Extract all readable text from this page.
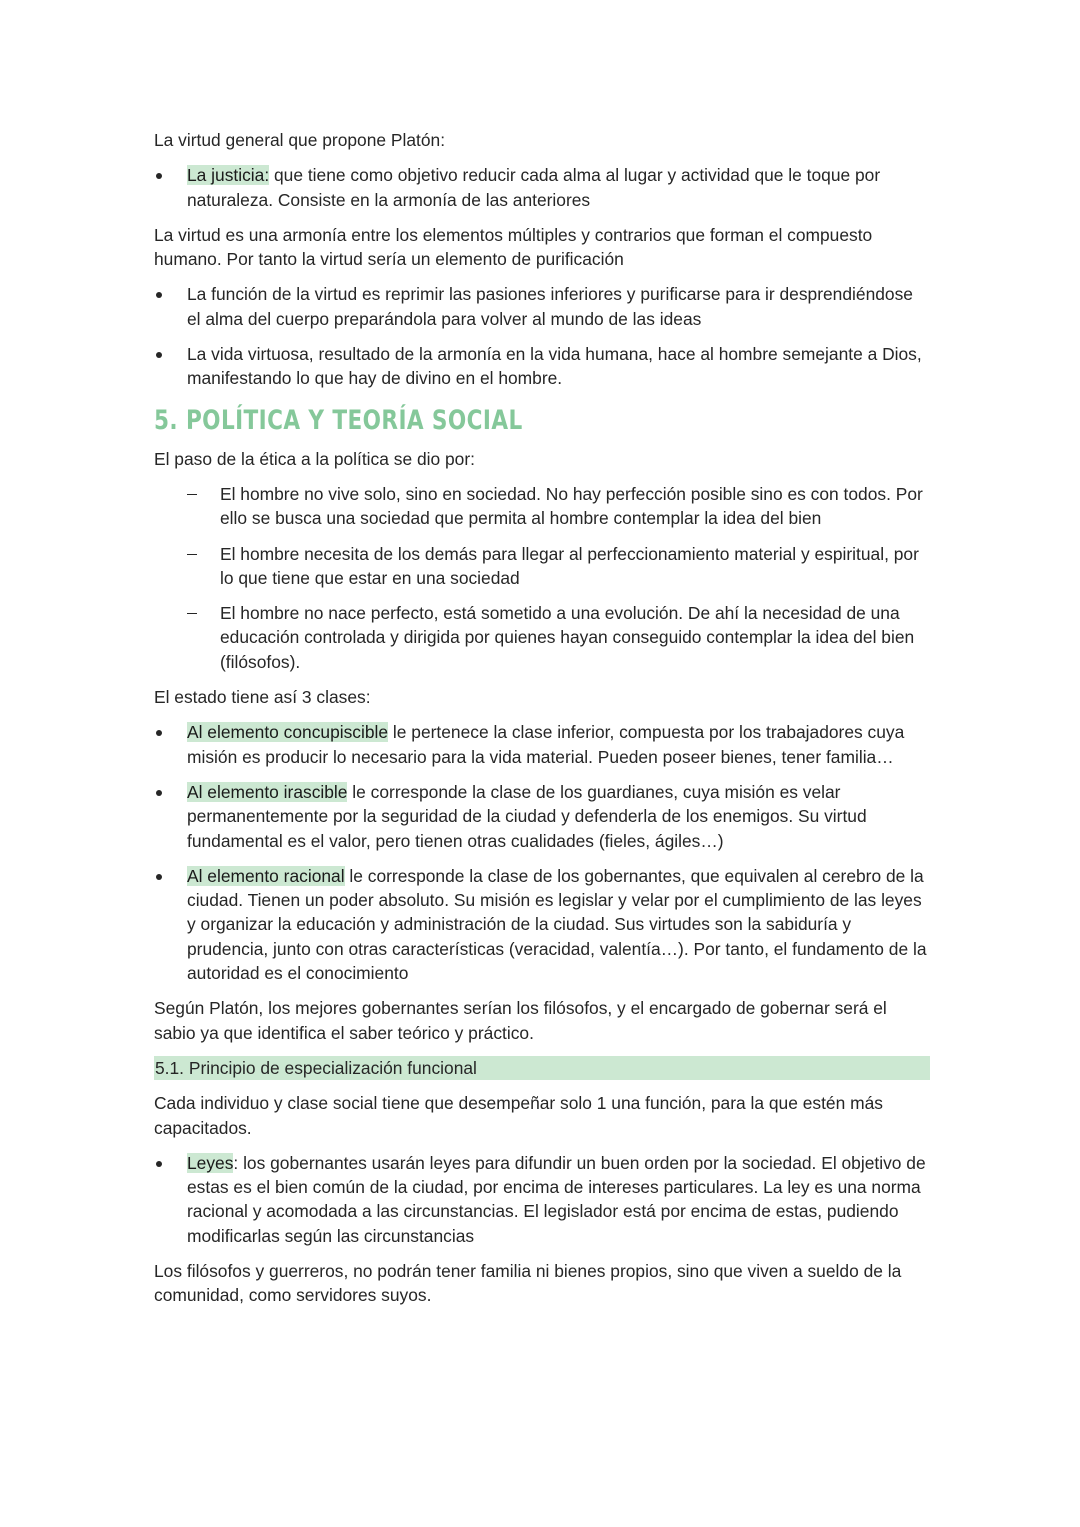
La virtud general que propone Platón:

La justicia: que tiene como objetivo reducir cada alma al lugar y actividad que le toque por naturaleza. Consiste en la armonía de las anteriores

La virtud es una armonía entre los elementos múltiples y contrarios que forman el compuesto humano. Por tanto la virtud sería un elemento de purificación

La función de la virtud es reprimir las pasiones inferiores y purificarse para ir desprendiéndose el alma del cuerpo preparándola para volver al mundo de las ideas
La vida virtuosa, resultado de la armonía en la vida humana, hace al hombre semejante a Dios, manifestando lo que hay de divino en el hombre.
5. POLÍTICA Y TEORÍA SOCIAL

El paso de la ética a la política se dio por:

El hombre no vive solo, sino en sociedad. No hay perfección posible sino es con todos. Por ello se busca una sociedad que permita al hombre contemplar la idea del bien
El hombre necesita de los demás para llegar al perfeccionamiento material y espiritual, por lo que tiene que estar en una sociedad
El hombre no nace perfecto, está sometido a una evolución. De ahí la necesidad de una educación controlada y dirigida por quienes hayan conseguido contemplar la idea del bien (filósofos).

El estado tiene así 3 clases:

Al elemento concupiscible le pertenece la clase inferior, compuesta por los trabajadores cuya misión es producir lo necesario para la vida material. Pueden poseer bienes, tener familia…
Al elemento irascible le corresponde la clase de los guardianes, cuya misión es velar permanentemente por la seguridad de la ciudad y defenderla de los enemigos. Su virtud fundamental es el valor, pero tienen otras cualidades (fieles, ágiles…)
Al elemento racional le corresponde la clase de los gobernantes, que equivalen al cerebro de la ciudad. Tienen un poder absoluto. Su misión es legislar y velar por el cumplimiento de las leyes y organizar la educación y administración de la ciudad. Sus virtudes son la sabiduría y prudencia, junto con otras características (veracidad, valentía…). Por tanto, el fundamento de la autoridad es el conocimiento

Según Platón, los mejores gobernantes serían los filósofos, y el encargado de gobernar será el sabio ya que identifica el saber teórico y práctico.

5.1. Principio de especialización funcional

Cada individuo y clase social tiene que desempeñar solo 1 una función, para la que estén más capacitados.

Leyes: los gobernantes usarán leyes para difundir un buen orden por la sociedad. El objetivo de estas es el bien común de la ciudad, por encima de intereses particulares. La ley es una norma racional y acomodada a las circunstancias. El legislador está por encima de estas, pudiendo modificarlas según las circunstancias

Los filósofos y guerreros, no podrán tener familia ni bienes propios, sino que viven a sueldo de la comunidad, como servidores suyos.
